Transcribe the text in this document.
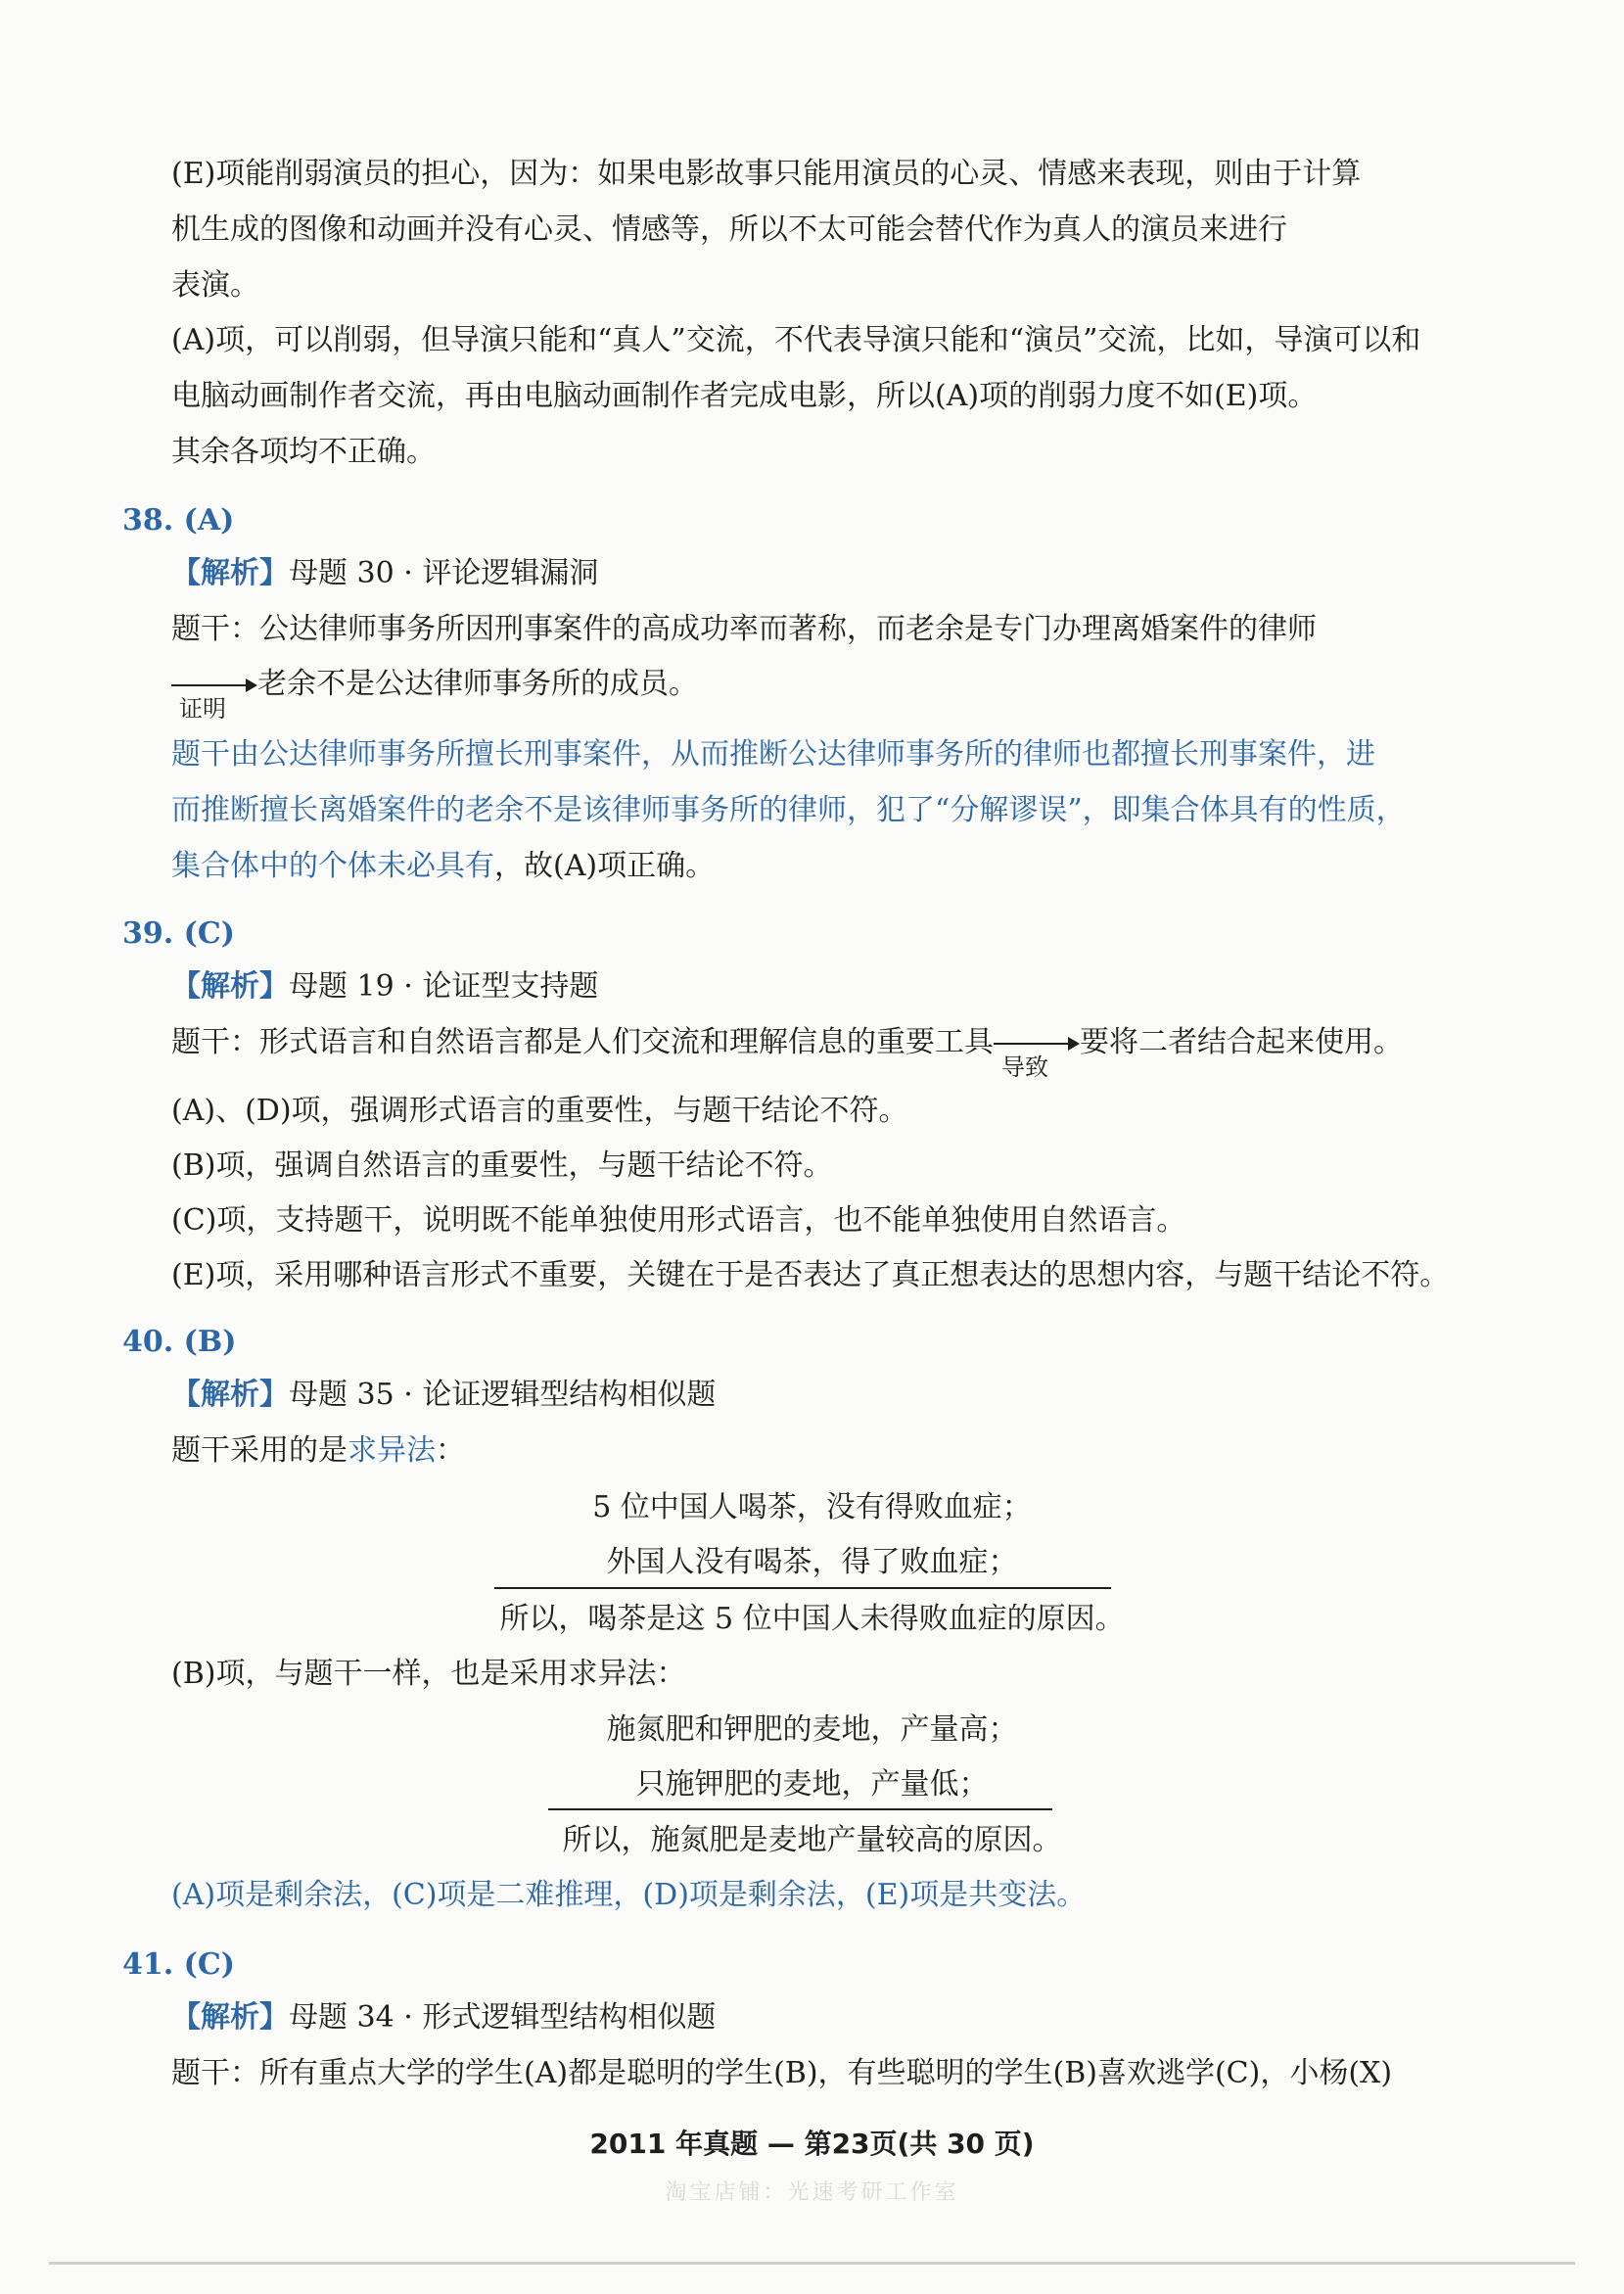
(E)项能削弱演员的担心，因为：如果电影故事只能用演员的心灵、情感来表现，则由于计算

机生成的图像和动画并没有心灵、情感等，所以不太可能会替代作为真人的演员来进行

表演。

(A)项，可以削弱，但导演只能和“真人”交流，不代表导演只能和“演员”交流，比如，导演可以和

电脑动画制作者交流，再由电脑动画制作者完成电影，所以(A)项的削弱力度不如(E)项。

其余各项均不正确。

38. (A)

【解析】母题 30 · 评论逻辑漏洞

题干：公达律师事务所因刑事案件的高成功率而著称，而老余是专门办理离婚案件的律师

证明
老余不是公达律师事务所的成员。

题干由公达律师事务所擅长刑事案件，从而推断公达律师事务所的律师也都擅长刑事案件，进

而推断擅长离婚案件的老余不是该律师事务所的律师，犯了“分解谬误”，即集合体具有的性质，

集合体中的个体未必具有，故(A)项正确。

39. (C)

【解析】母题 19 · 论证型支持题

题干：形式语言和自然语言都是人们交流和理解信息的重要工具
导致
要将二者结合起来使用。

(A)、(D)项，强调形式语言的重要性，与题干结论不符。

(B)项，强调自然语言的重要性，与题干结论不符。

(C)项，支持题干，说明既不能单独使用形式语言，也不能单独使用自然语言。

(E)项，采用哪种语言形式不重要，关键在于是否表达了真正想表达的思想内容，与题干结论不符。

40. (B)

【解析】母题 35 · 论证逻辑型结构相似题

题干采用的是求异法：

5 位中国人喝茶，没有得败血症；

外国人没有喝茶，得了败血症；

所以，喝茶是这 5 位中国人未得败血症的原因。

(B)项，与题干一样，也是采用求异法：

施氮肥和钾肥的麦地，产量高；

只施钾肥的麦地，产量低；

所以，施氮肥是麦地产量较高的原因。

(A)项是剩余法，(C)项是二难推理，(D)项是剩余法，(E)项是共变法。

41. (C)

【解析】母题 34 · 形式逻辑型结构相似题

题干：所有重点大学的学生(A)都是聪明的学生(B)，有些聪明的学生(B)喜欢逃学(C)，小杨(X)

2011 年真题 — 第23页(共 30 页)
淘宝店铺：光速考研工作室
